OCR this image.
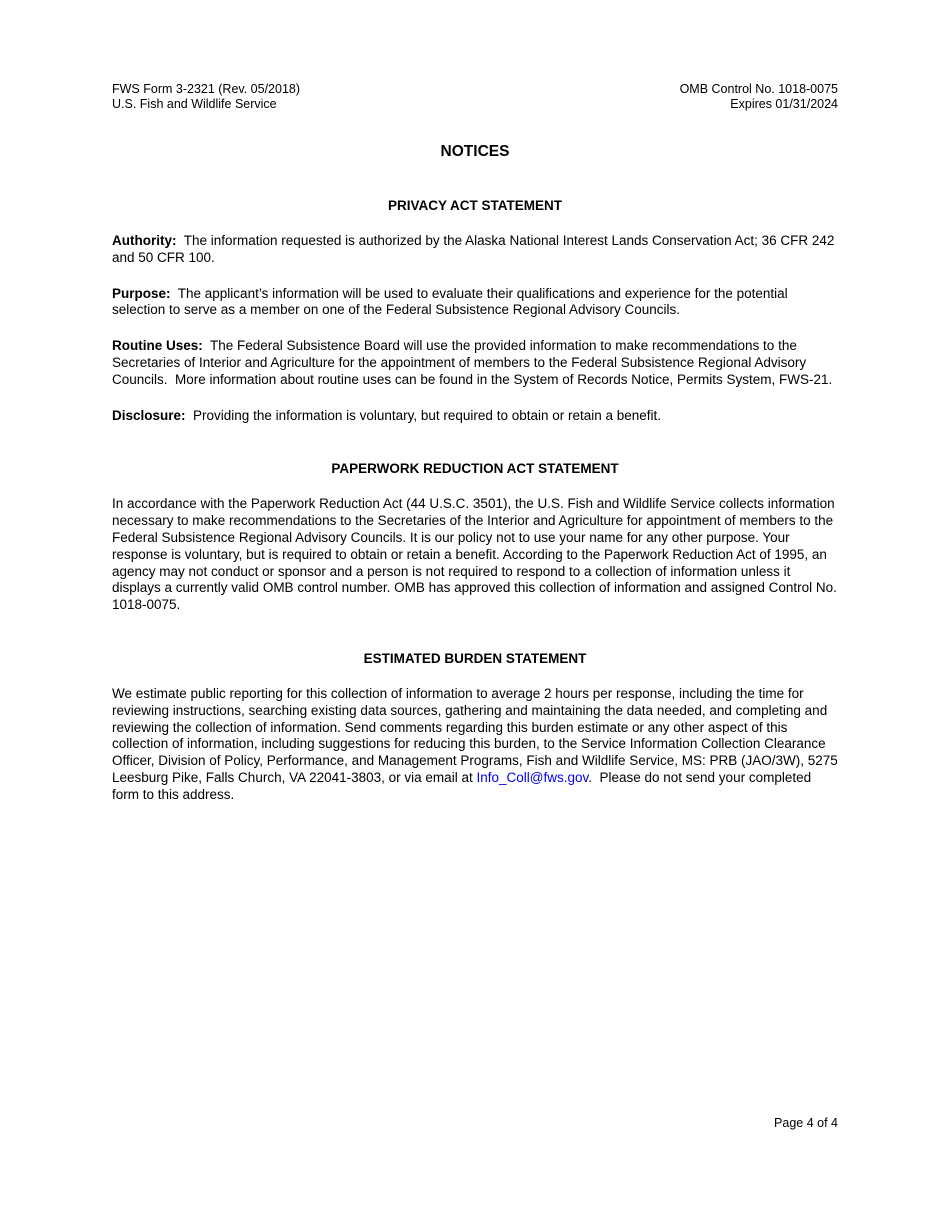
FWS Form 3-2321 (Rev. 05/2018)
U.S. Fish and Wildlife Service
OMB Control No. 1018-0075
Expires 01/31/2024
NOTICES
PRIVACY ACT STATEMENT

Authority:  The information requested is authorized by the Alaska National Interest Lands Conservation Act; 36 CFR 242 and 50 CFR 100.

Purpose:  The applicant’s information will be used to evaluate their qualifications and experience for the potential selection to serve as a member on one of the Federal Subsistence Regional Advisory Councils.

Routine Uses:  The Federal Subsistence Board will use the provided information to make recommendations to the Secretaries of Interior and Agriculture for the appointment of members to the Federal Subsistence Regional Advisory Councils.  More information about routine uses can be found in the System of Records Notice, Permits System, FWS-21.

Disclosure:  Providing the information is voluntary, but required to obtain or retain a benefit.

PAPERWORK REDUCTION ACT STATEMENT

In accordance with the Paperwork Reduction Act (44 U.S.C. 3501), the U.S. Fish and Wildlife Service collects information necessary to make recommendations to the Secretaries of the Interior and Agriculture for appointment of members to the Federal Subsistence Regional Advisory Councils. It is our policy not to use your name for any other purpose. Your response is voluntary, but is required to obtain or retain a benefit. According to the Paperwork Reduction Act of 1995, an agency may not conduct or sponsor and a person is not required to respond to a collection of information unless it displays a currently valid OMB control number. OMB has approved this collection of information and assigned Control No. 1018-0075.

ESTIMATED BURDEN STATEMENT

We estimate public reporting for this collection of information to average 2 hours per response, including the time for reviewing instructions, searching existing data sources, gathering and maintaining the data needed, and completing and reviewing the collection of information. Send comments regarding this burden estimate or any other aspect of this collection of information, including suggestions for reducing this burden, to the Service Information Collection Clearance Officer, Division of Policy, Performance, and Management Programs, Fish and Wildlife Service, MS: PRB (JAO/3W), 5275 Leesburg Pike, Falls Church, VA 22041-3803, or via email at Info_Coll@fws.gov.  Please do not send your completed form to this address.

Page 4 of 4
